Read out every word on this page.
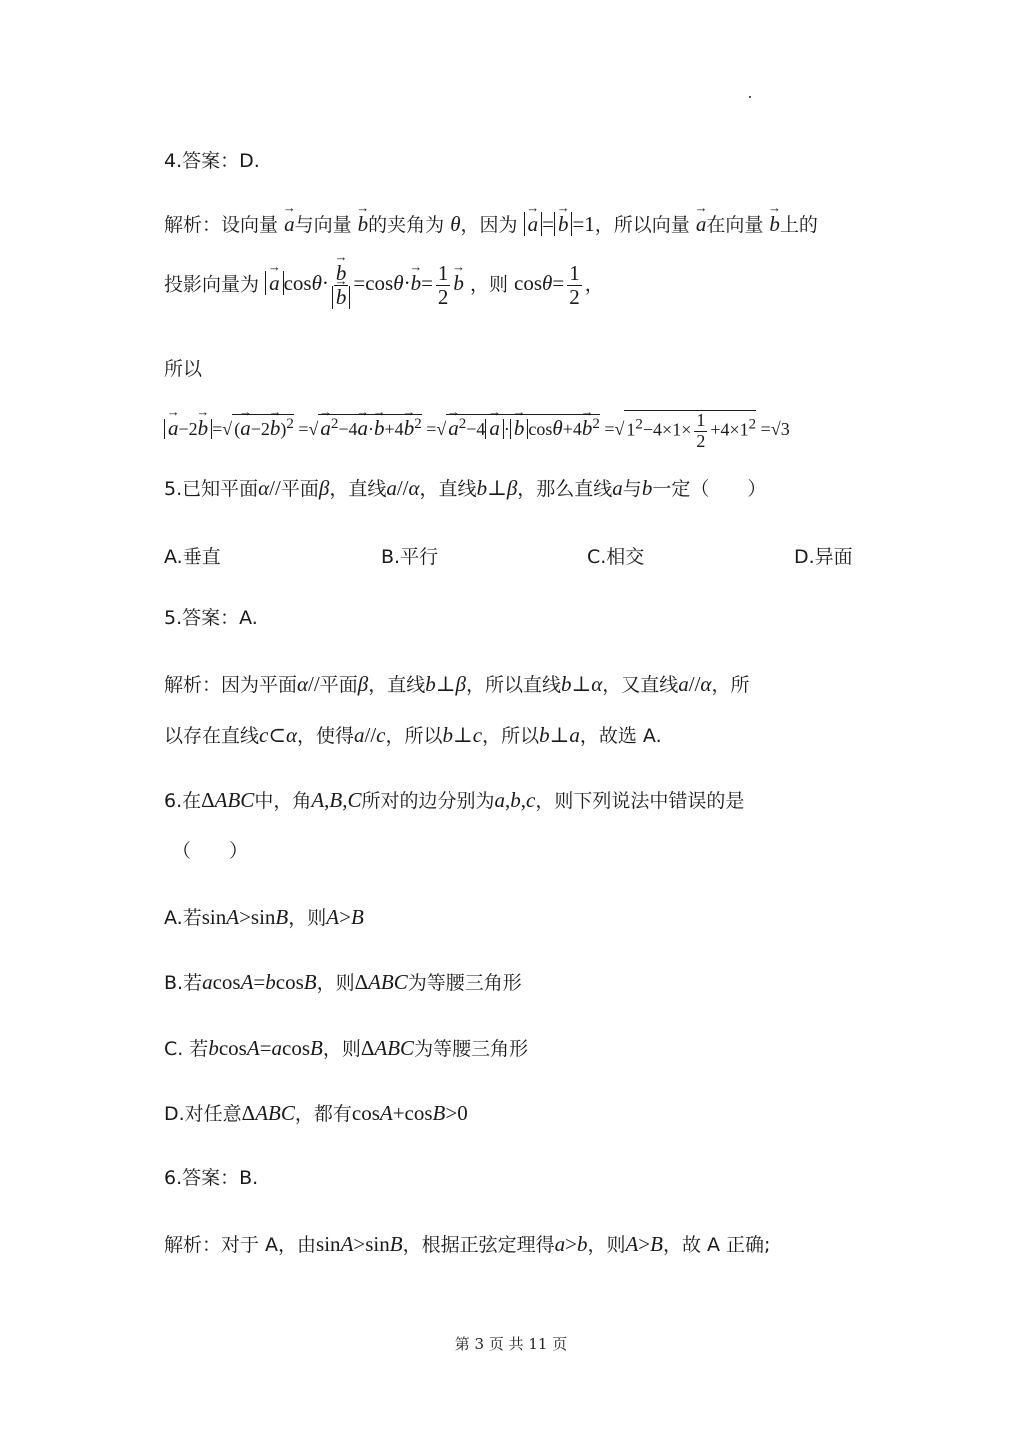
4.答案：D.
解析：设向量 → a与向量 → b的夹角为 θ，因为 → a =→ b =1，所以向量 → a在向量 → b上的
投影向量为 → a cosθ·
→ b
→ $b =\cos\theta\cdot\to b= \frac{1}{2}$
→ b ，则 $\cos\theta= \frac{1}{2}$ ，
所以
→ a−2→ b =√ (→ a−2→ b)$^2$ =√→ $a^2-4\to a\cdot\to b+4\to b^2$ =√→ $a^2-4\to a \cdot\to b$ $\cos\theta+4\to b^2$ =√ $1^2-4\times 1\times \frac{1}{2} +4\times 1^2 =√3$
5.已知平面α//平面β，直线a//α，直线b⊥β，那么直线a与b一定（　　）
A.垂直	B.平行	C.相交	D.异面
5.答案：A.
解析：因为平面α//平面β，直线b⊥β，所以直线b⊥α，又直线a//α，所
以存在直线c⊂α，使得a//c，所以b⊥c，所以b⊥a，故选 A.
6.在ΔABC中，角A,B,C所对的边分别为a,b,c，则下列说法中错误的是
（　　）
A.若sinA>sinB，则A>B
B.若acosA=bcosB，则ΔABC为等腰三角形
C. 若bcosA=acosB，则ΔABC为等腰三角形
D.对任意ΔABC，都有cosA+cosB>0
6.答案：B.
解析：对于 A，由sinA>sinB，根据正弦定理得a>b，则A>B，故 A 正确;
第 3 页 共 11 页
